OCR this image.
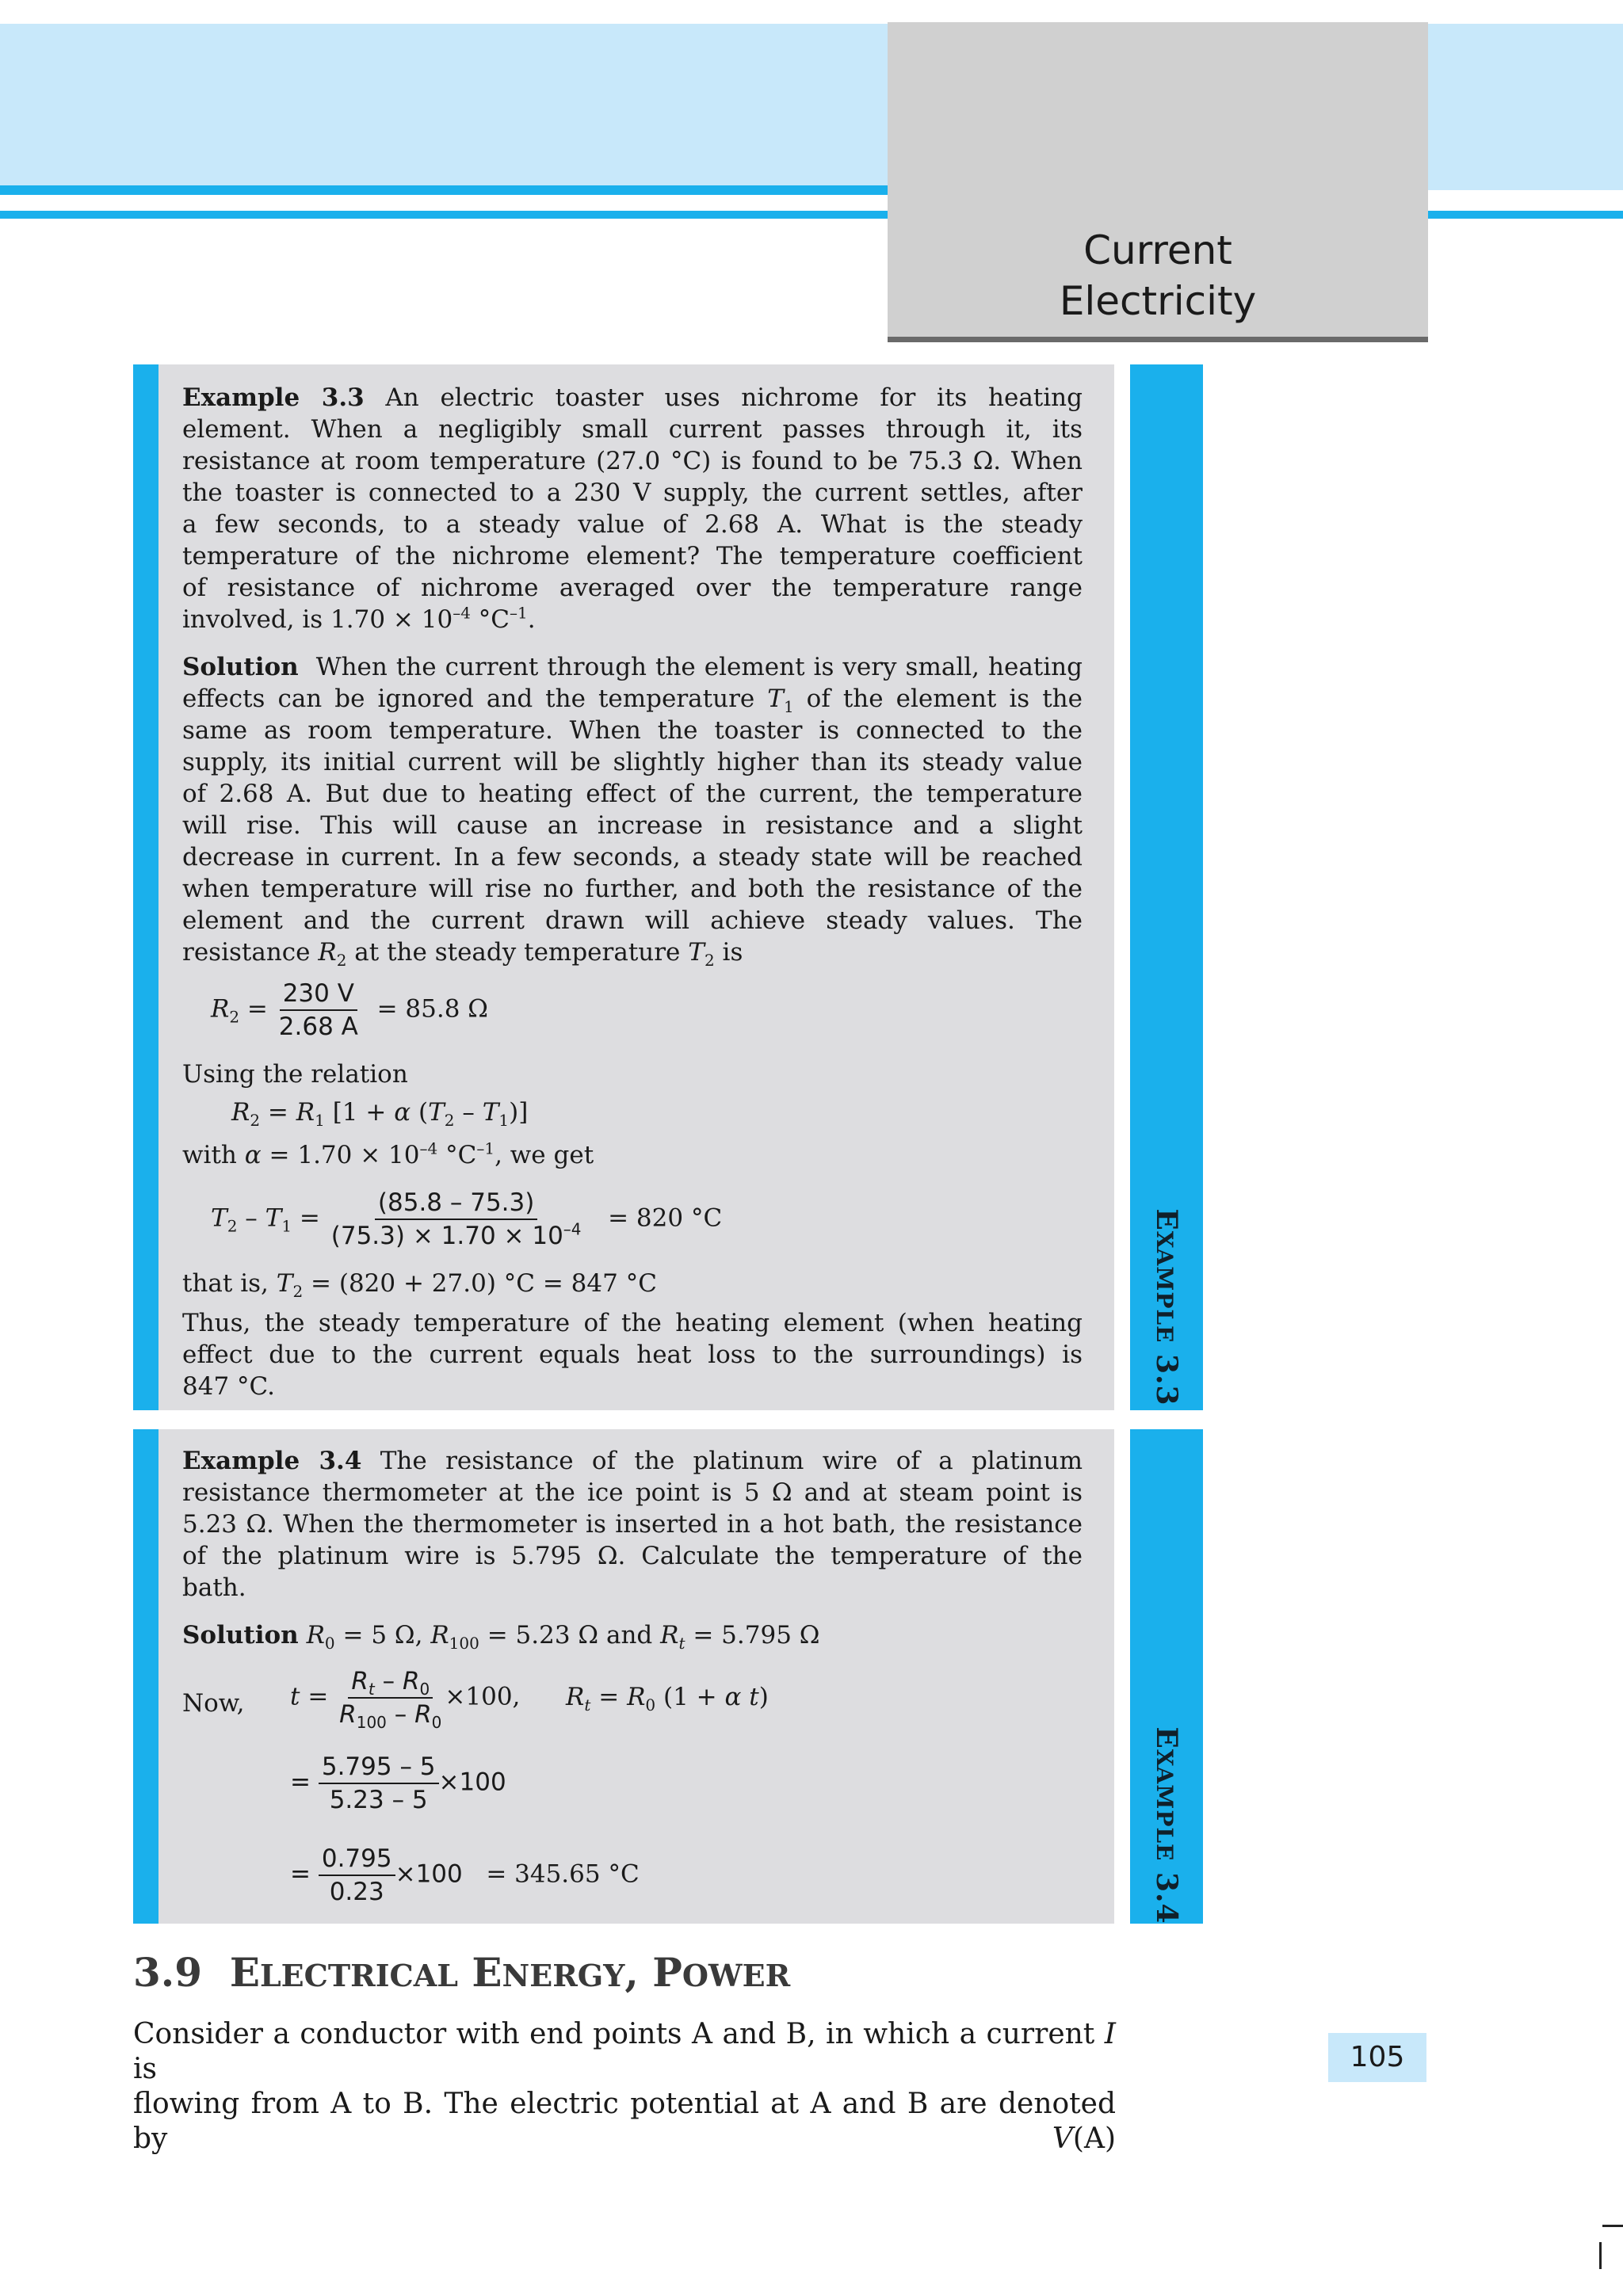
Current
Electricity
EXAMPLE 3.3
Example 3.3 An electric toaster uses nichrome for its heating
element. When a negligibly small current passes through it, its
resistance at room temperature (27.0 °C) is found to be 75.3 Ω. When
the toaster is connected to a 230 V supply, the current settles, after
a few seconds, to a steady value of 2.68 A. What is the steady
temperature of the nichrome element? The temperature coefficient
of resistance of nichrome averaged over the temperature range
involved, is $1.70 \times 10^{-4}$ $^\circ C^{-1}$.
Solution When the current through the element is very small, heating
effects can be ignored and the temperature $T_1$ of the element is the
same as room temperature. When the toaster is connected to the
supply, its initial current will be slightly higher than its steady value
of 2.68 A. But due to heating effect of the current, the temperature
will rise. This will cause an increase in resistance and a slight
decrease in current. In a few seconds, a steady state will be reached
when temperature will rise no further, and both the resistance of the
element and the current drawn will achieve steady values. The
resistance $R_2$ at the steady temperature $T_2$ is
$R_2 = \frac{230 V}{2.68 A} = 85.8$ Ω
Using the relation
$R_2 = R_1$ [1 + α $(T_2 - T_1)$]
with $\alpha = 1.70 \times 10^{-4}$ $^\circ C^{-1}$, we get
$T_2 - T_1 = \frac{(85.8 - 75.3)}{(75.3) \times 1.70 \times 10^{-4}} = 820$ °C
that is, $T_2 = (820 + 27.0) ^\circ C = 847$ °C
Thus, the steady temperature of the heating element (when heating
effect due to the current equals heat loss to the surroundings) is
847 °C.
EXAMPLE 3.4
Example 3.4 The resistance of the platinum wire of a platinum
resistance thermometer at the ice point is 5 Ω and at steam point is
5.23 Ω. When the thermometer is inserted in a hot bath, the resistance
of the platinum wire is 5.795 Ω. Calculate the temperature of the
bath.
Solution $R_0 = 5$ Ω, $R_{100} = 5.23$ Ω and $R_t = 5.795$ Ω
Now, $t = \frac{R_t - R_0}{R_{100} - R_0} \times 100$, $R_t = R_0$ (1 + α t)
= $\frac{5.795 - 5}{5.23 - 5} \times 100$
= $\frac{0.795}{0.23} \times 100 = 345.65$ °C
3.9 ELECTRICAL ENERGY, POWER
Consider a conductor with end points A and B, in which a current I is
flowing from A to B. The electric potential at A and B are denoted by V(A)
105
